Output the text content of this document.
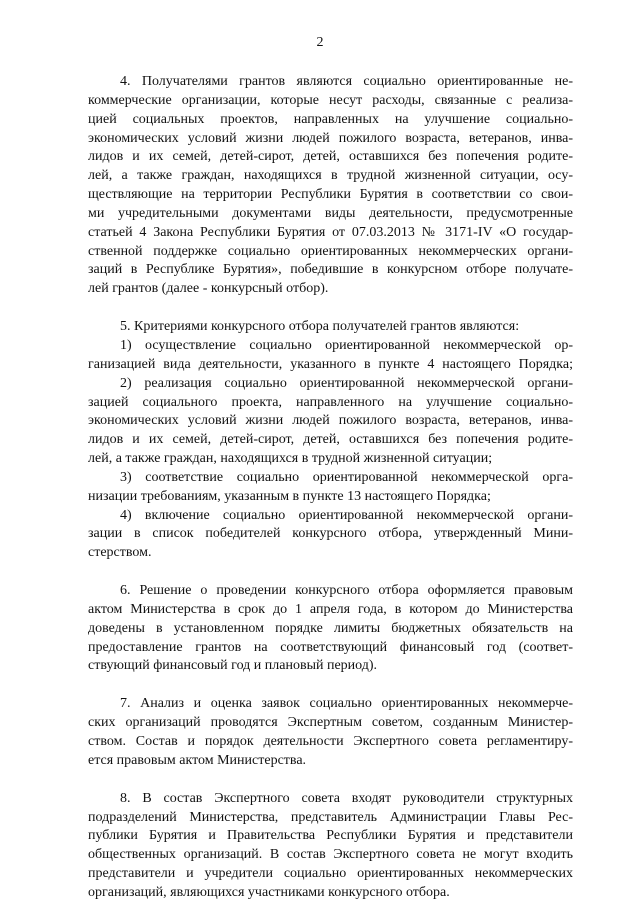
2
4. Получателями грантов являются социально ориентированные не-
коммерческие организации, которые несут расходы, связанные с реализа-
цией социальных проектов, направленных на улучшение социально-
экономических условий жизни людей пожилого возраста, ветеранов, инва-
лидов и их семей, детей-сирот, детей, оставшихся без попечения родите-
лей, а также граждан, находящихся в трудной жизненной ситуации, осу-
ществляющие на территории Республики Бурятия в соответствии со свои-
ми учредительными документами виды деятельности, предусмотренные
статьей 4 Закона Республики Бурятия от 07.03.2013 № 3171-IV «О государ-
ственной поддержке социально ориентированных некоммерческих органи-
заций в Республике Бурятия», победившие в конкурсном отборе получате-
лей грантов (далее - конкурсный отбор).
5. Критериями конкурсного отбора получателей грантов являются:
1) осуществление социально ориентированной некоммерческой ор-
ганизацией вида деятельности, указанного в пункте 4 настоящего Порядка;
2) реализация социально ориентированной некоммерческой органи-
зацией социального проекта, направленного на улучшение социально-
экономических условий жизни людей пожилого возраста, ветеранов, инва-
лидов и их семей, детей-сирот, детей, оставшихся без попечения родите-
лей, а также граждан, находящихся в трудной жизненной ситуации;
3) соответствие социально ориентированной некоммерческой орга-
низации требованиям, указанным в пункте 13 настоящего Порядка;
4) включение социально ориентированной некоммерческой органи-
зации в список победителей конкурсного отбора, утвержденный Мини-
стерством.
6. Решение о проведении конкурсного отбора оформляется правовым
актом Министерства в срок до 1 апреля года, в котором до Министерства
доведены в установленном порядке лимиты бюджетных обязательств на
предоставление грантов на соответствующий финансовый год (соответ-
ствующий финансовый год и плановый период).
7. Анализ и оценка заявок социально ориентированных некоммерче-
ских организаций проводятся Экспертным советом, созданным Министер-
ством. Состав и порядок деятельности Экспертного совета регламентиру-
ется правовым актом Министерства.
8. В состав Экспертного совета входят руководители структурных
подразделений Министерства, представитель Администрации Главы Рес-
публики Бурятия и Правительства Республики Бурятия и представители
общественных организаций. В состав Экспертного совета не могут входить
представители и учредители социально ориентированных некоммерческих
организаций, являющихся участниками конкурсного отбора.
